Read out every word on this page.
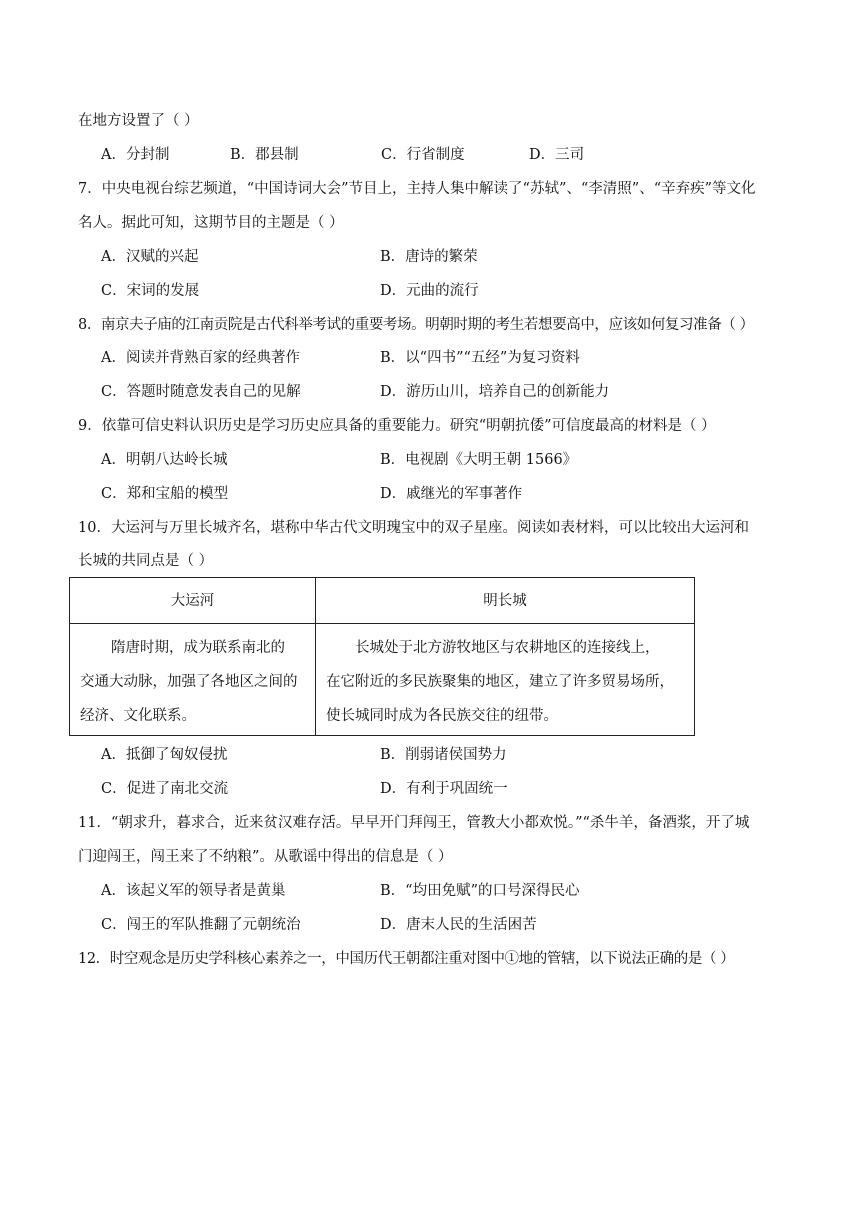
在地方设置了（ ）
A．分封制	B．郡县制	C．行省制度	D．三司
7．中央电视台综艺频道，“中国诗词大会”节目上，主持人集中解读了“苏轼”、“李清照”、“辛弃疾”等文化
名人。据此可知，这期节目的主题是（ ）
A．汉赋的兴起	B．唐诗的繁荣
C．宋词的发展	D．元曲的流行
8．南京夫子庙的江南贡院是古代科举考试的重要考场。明朝时期的考生若想要高中，应该如何复习准备（ ）
A．阅读并背熟百家的经典著作	B．以“四书”“五经”为复习资料
C．答题时随意发表自己的见解	D．游历山川，培养自己的创新能力
9．依靠可信史料认识历史是学习历史应具备的重要能力。研究“明朝抗倭”可信度最高的材料是（ ）
A．明朝八达岭长城	B．电视剧《大明王朝 1566》
C．郑和宝船的模型	D．戚继光的军事著作
10．大运河与万里长城齐名，堪称中华古代文明瑰宝中的双子星座。阅读如表材料，可以比较出大运河和
长城的共同点是（ ）
大运河	明长城
隋唐时期，成为联系南北的
交通大动脉，加强了各地区之间的
经济、文化联系。
长城处于北方游牧地区与农耕地区的连接线上，
在它附近的多民族聚集的地区，建立了许多贸易场所，
使长城同时成为各民族交往的纽带。
A．抵御了匈奴侵扰	B．削弱诸侯国势力
C．促进了南北交流	D．有利于巩固统一
11．“朝求升，暮求合，近来贫汉难存活。早早开门拜闯王，管教大小都欢悦。”“杀牛羊，备酒浆，开了城
门迎闯王，闯王来了不纳粮”。从歌谣中得出的信息是（ ）
A．该起义军的领导者是黄巢	B．“均田免赋”的口号深得民心
C．闯王的军队推翻了元朝统治	D．唐末人民的生活困苦
12．时空观念是历史学科核心素养之一，中国历代王朝都注重对图中①地的管辖，以下说法正确的是（ ）
